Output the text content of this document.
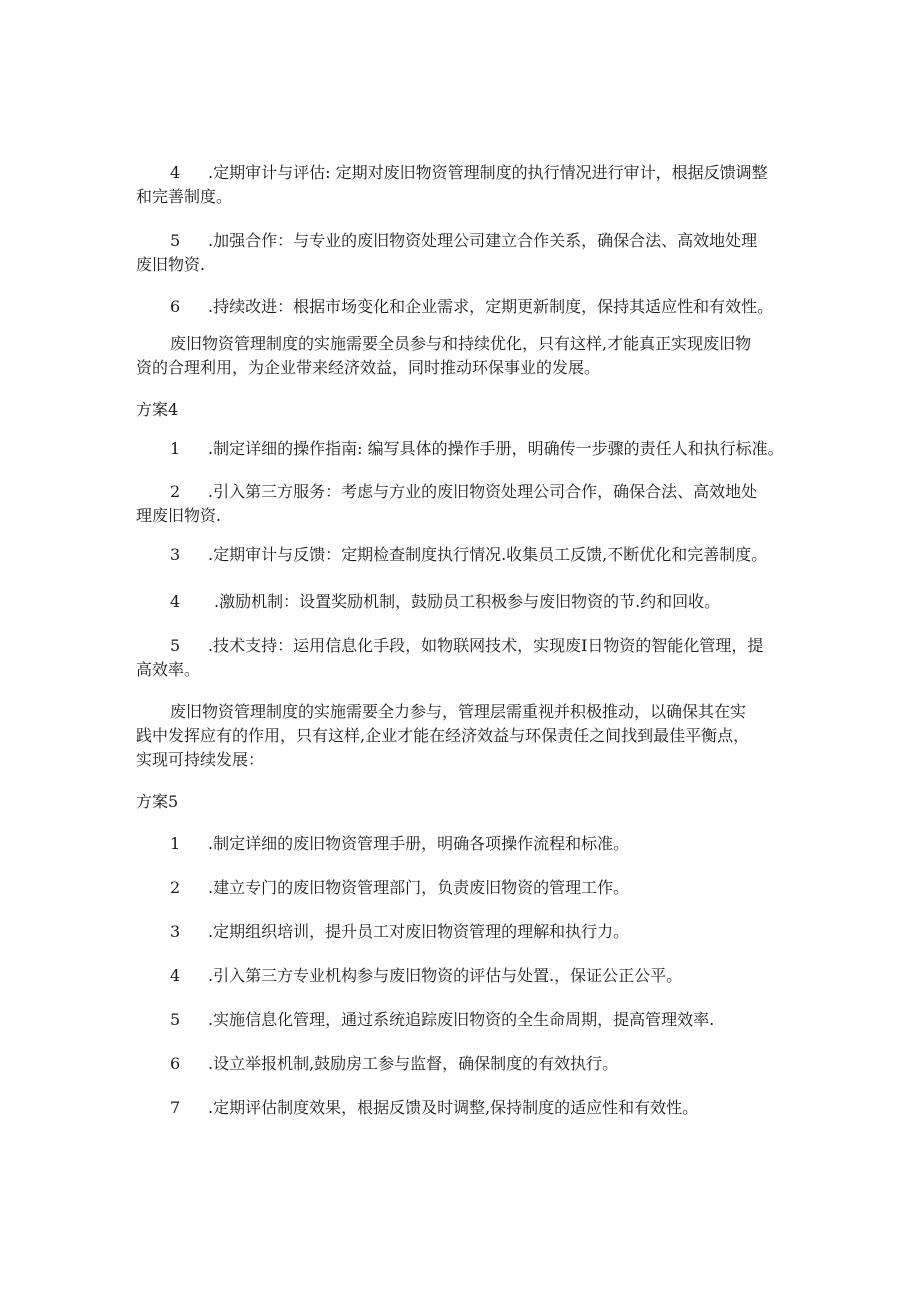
4 .定期审计与评估: 定期对废旧物资管理制度的执行情况进行审计，根据反馈调整
和完善制度。
5 .加强合作：与专业的废旧物资处理公司建立合作关系，确保合法、高效地处理
废旧物资.
6 .持续改进：根据市场变化和企业需求，定期更新制度，保持其适应性和有效性。
废旧物资管理制度的实施需要全员参与和持续优化，只有这样,才能真正实现废旧物
资的合理利用，为企业带来经济效益，同时推动环保事业的发展。
方案4
1 .制定详细的操作指南: 编写具体的操作手册，明确传一步骤的责任人和执行标准。
2 .引入第三方服务：考虑与方业的废旧物资处理公司合作，确保合法、高效地处
理废旧物资.
3 .定期审计与反馈：定期检查制度执行情况.收集员工反馈,不断优化和完善制度。
4 .激励机制：设置奖励机制，鼓励员工积极参与废旧物资的节.约和回收。
5 .技术支持：运用信息化手段，如物联网技术，实现废I日物资的智能化管理，提
高效率。
废旧物资管理制度的实施需要全力参与，管理层需重视并积极推动，以确保其在实
践中发挥应有的作用，只有这样,企业才能在经济效益与环保责任之间找到最佳平衡点，
实现可持续发展：
方案5
1 .制定详细的废旧物资管理手册，明确各项操作流程和标准。
2 .建立专门的废旧物资管理部门，负责废旧物资的管理工作。
3 .定期组织培训，提升员工对废旧物资管理的理解和执行力。
4 .引入第三方专业机构参与废旧物资的评估与处置.，保证公正公平。
5 .实施信息化管理，通过系统追踪废旧物资的全生命周期，提高管理效率.
6 .设立举报机制,鼓励房工参与监督，确保制度的有效执行。
7 .定期评估制度效果，根据反馈及时调整,保持制度的适应性和有效性。
